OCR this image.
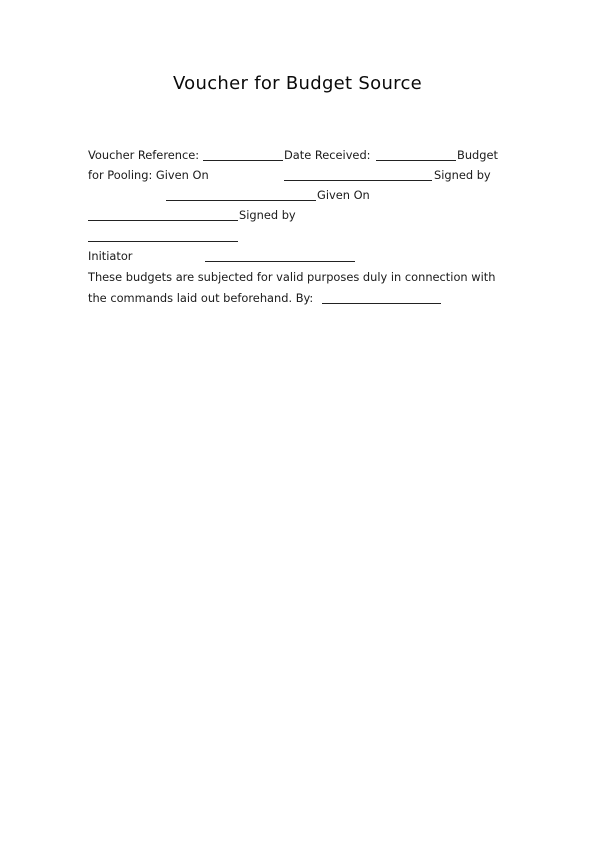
Voucher for Budget Source
Voucher Reference:	Date Received:	Budget
for Pooling: Given On	Signed by
Given On
Signed by
Initiator
These budgets are subjected for valid purposes duly in connection with
the commands laid out beforehand. By:
